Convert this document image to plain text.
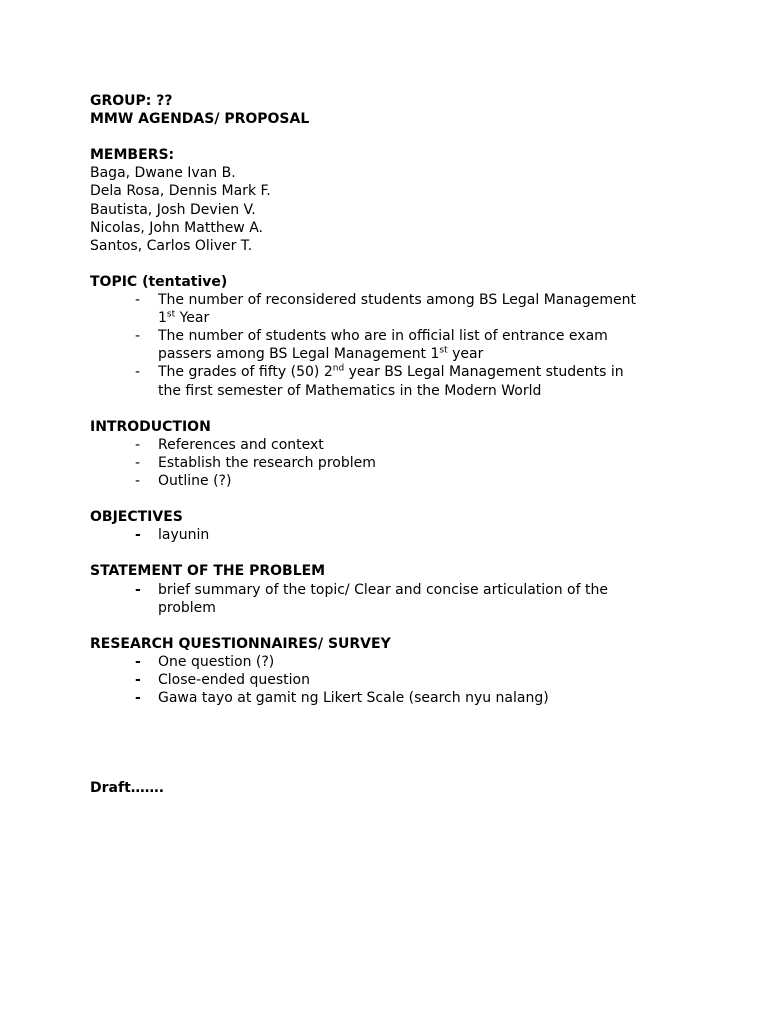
GROUP: ??

MMW AGENDAS/ PROPOSAL

MEMBERS:

Baga, Dwane Ivan B.

Dela Rosa, Dennis Mark F.

Bautista, Josh Devien V.

Nicolas, John Matthew A.

Santos, Carlos Oliver T.

TOPIC (tentative)

- The number of reconsidered students among BS Legal Management
1st Year
- The number of students who are in official list of entrance exam
passers among BS Legal Management 1st year
- The grades of fifty (50) 2nd year BS Legal Management students in
the first semester of Mathematics in the Modern World

INTRODUCTION

- References and context
- Establish the research problem
- Outline (?)

OBJECTIVES

- layunin

STATEMENT OF THE PROBLEM

- brief summary of the topic/ Clear and concise articulation of the
problem

RESEARCH QUESTIONNAIRES/ SURVEY

- One question (?)
- Close-ended question
- Gawa tayo at gamit ng Likert Scale (search nyu nalang)

Draft…….
